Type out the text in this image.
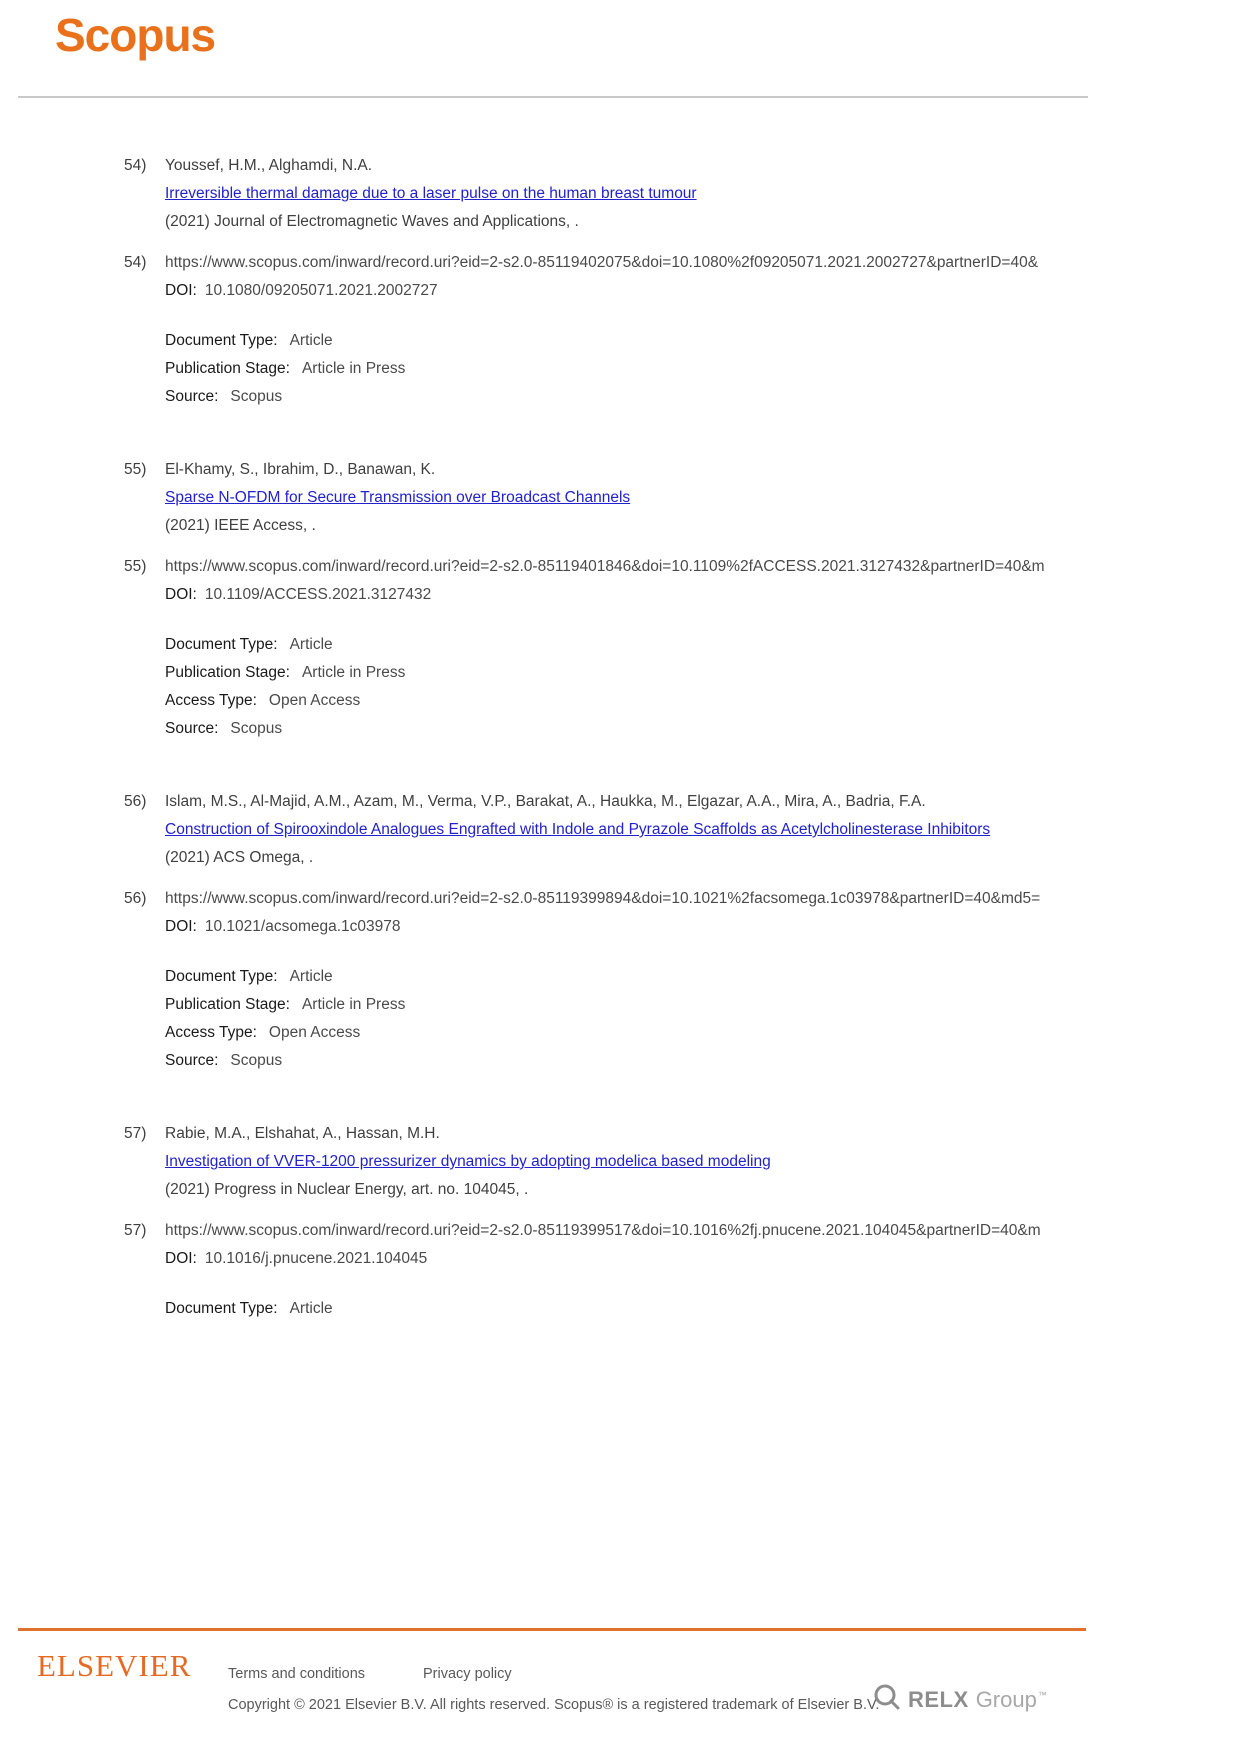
Scopus
54)	Youssef, H.M., Alghamdi, N.A.
Irreversible thermal damage due to a laser pulse on the human breast tumour
(2021) Journal of Electromagnetic Waves and Applications, .
54)	https://www.scopus.com/inward/record.uri?eid=2-s2.0-85119402075&doi=10.1080%2f09205071.2021.2002727&partnerID=40&
DOI: 10.1080/09205071.2021.2002727
Document Type: Article
Publication Stage: Article in Press
Source: Scopus
55)	El-Khamy, S., Ibrahim, D., Banawan, K.
Sparse N-OFDM for Secure Transmission over Broadcast Channels
(2021) IEEE Access, .
55)	https://www.scopus.com/inward/record.uri?eid=2-s2.0-85119401846&doi=10.1109%2fACCESS.2021.3127432&partnerID=40&m
DOI: 10.1109/ACCESS.2021.3127432
Document Type: Article
Publication Stage: Article in Press
Access Type: Open Access
Source: Scopus
56)	Islam, M.S., Al-Majid, A.M., Azam, M., Verma, V.P., Barakat, A., Haukka, M., Elgazar, A.A., Mira, A., Badria, F.A.
Construction of Spirooxindole Analogues Engrafted with Indole and Pyrazole Scaffolds as Acetylcholinesterase Inhibitors
(2021) ACS Omega, .
56)	https://www.scopus.com/inward/record.uri?eid=2-s2.0-85119399894&doi=10.1021%2facsomega.1c03978&partnerID=40&md5=
DOI: 10.1021/acsomega.1c03978
Document Type: Article
Publication Stage: Article in Press
Access Type: Open Access
Source: Scopus
57)	Rabie, M.A., Elshahat, A., Hassan, M.H.
Investigation of VVER-1200 pressurizer dynamics by adopting modelica based modeling
(2021) Progress in Nuclear Energy, art. no. 104045, .
57)	https://www.scopus.com/inward/record.uri?eid=2-s2.0-85119399517&doi=10.1016%2fj.pnucene.2021.104045&partnerID=40&m
DOI: 10.1016/j.pnucene.2021.104045
Document Type: Article
ELSEVIER	Terms and conditions	Privacy policy
Copyright © 2021 Elsevier B.V. All rights reserved. Scopus® is a registered trademark of Elsevier B.V. RELX Group™
